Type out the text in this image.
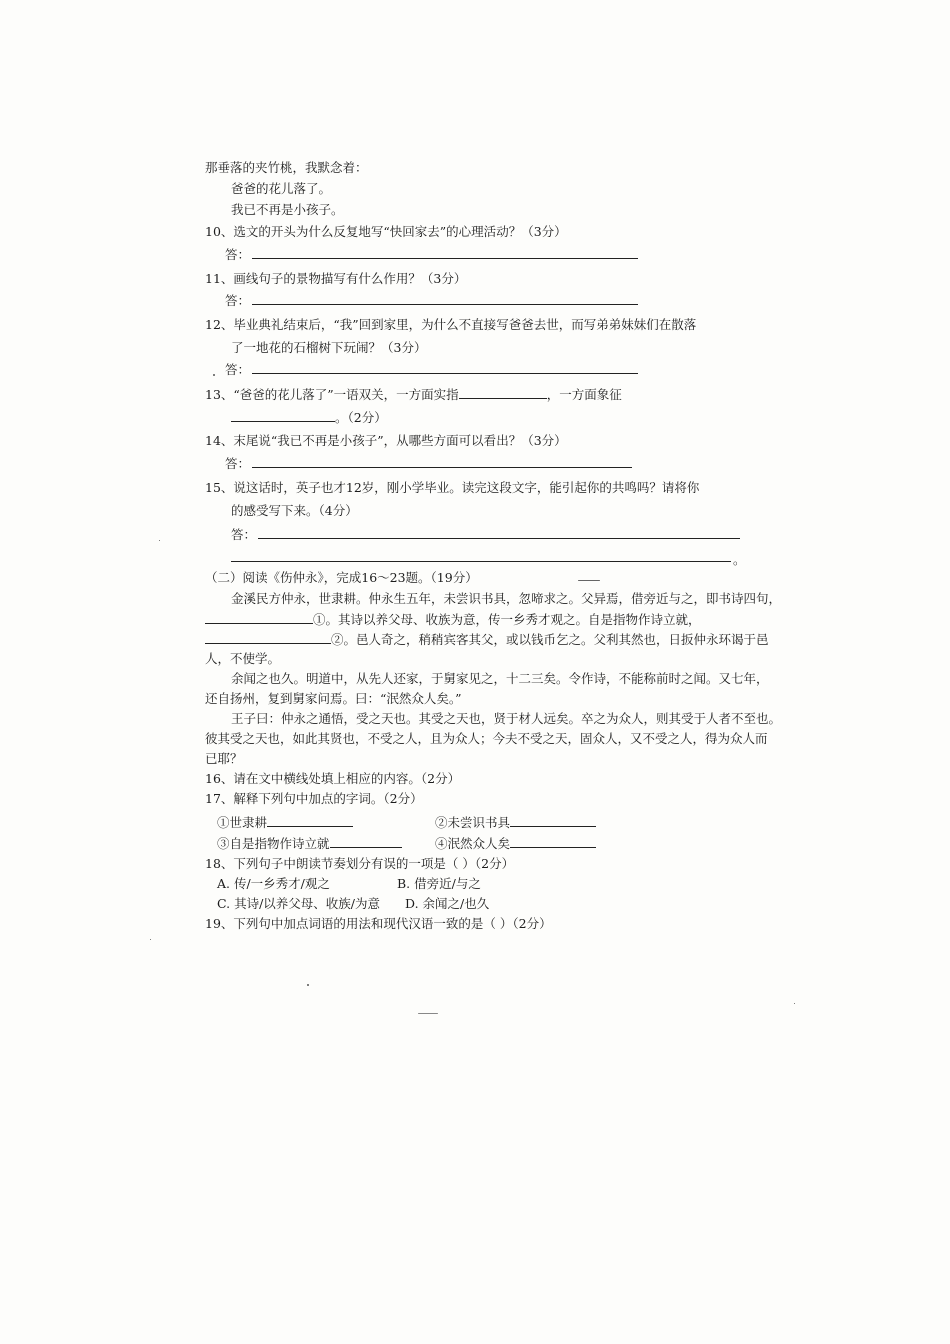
那垂落的夹竹桃，我默念着：
爸爸的花儿落了。
我已不再是小孩子。
10、选文的开头为什么反复地写“快回家去”的心理活动？（3分）
答：
11、画线句子的景物描写有什么作用？（3分）
答：
12、毕业典礼结束后，“我”回到家里，为什么不直接写爸爸去世，而写弟弟妹妹们在散落
了一地花的石榴树下玩闹？（3分）
答：
13、“爸爸的花儿落了”一语双关，一方面实指	，一方面象征
。（2分）
14、末尾说“我已不再是小孩子”，从哪些方面可以看出？（3分）
答：
15、说这话时，英子也才12岁，刚小学毕业。读完这段文字，能引起你的共鸣吗？请将你
的感受写下来。（4分）
答：
。
（二）阅读《伤仲永》，完成16～23题。（19分）
金溪民方仲永，世隶耕。仲永生五年，未尝识书具，忽啼求之。父异焉，借旁近与之，即书诗四句，
①。其诗以养父母、收族为意，传一乡秀才观之。自是指物作诗立就，
②。邑人奇之，稍稍宾客其父，或以钱币乞之。父利其然也，日扳仲永环谒于邑
人，不使学。
余闻之也久。明道中，从先人还家，于舅家见之，十二三矣。令作诗，不能称前时之闻。又七年，
还自扬州，复到舅家问焉。曰：“泯然众人矣。”
王子曰：仲永之通悟，受之天也。其受之天也，贤于材人远矣。卒之为众人，则其受于人者不至也。
彼其受之天也，如此其贤也，不受之人，且为众人；今夫不受之天，固众人，又不受之人，得为众人而
已耶？
16、请在文中横线处填上相应的内容。（2分）
17、解释下列句中加点的字词。（2分）
①世隶耕	②未尝识书具
③自是指物作诗立就	④泯然众人矣
18、下列句子中朗读节奏划分有误的一项是（ ）（2分）
A. 传/一乡秀才/观之	B. 借旁近/与之
C. 其诗/以养父母、收族/为意 D. 余闻之/也久
19、下列句中加点词语的用法和现代汉语一致的是（ ）（2分）
